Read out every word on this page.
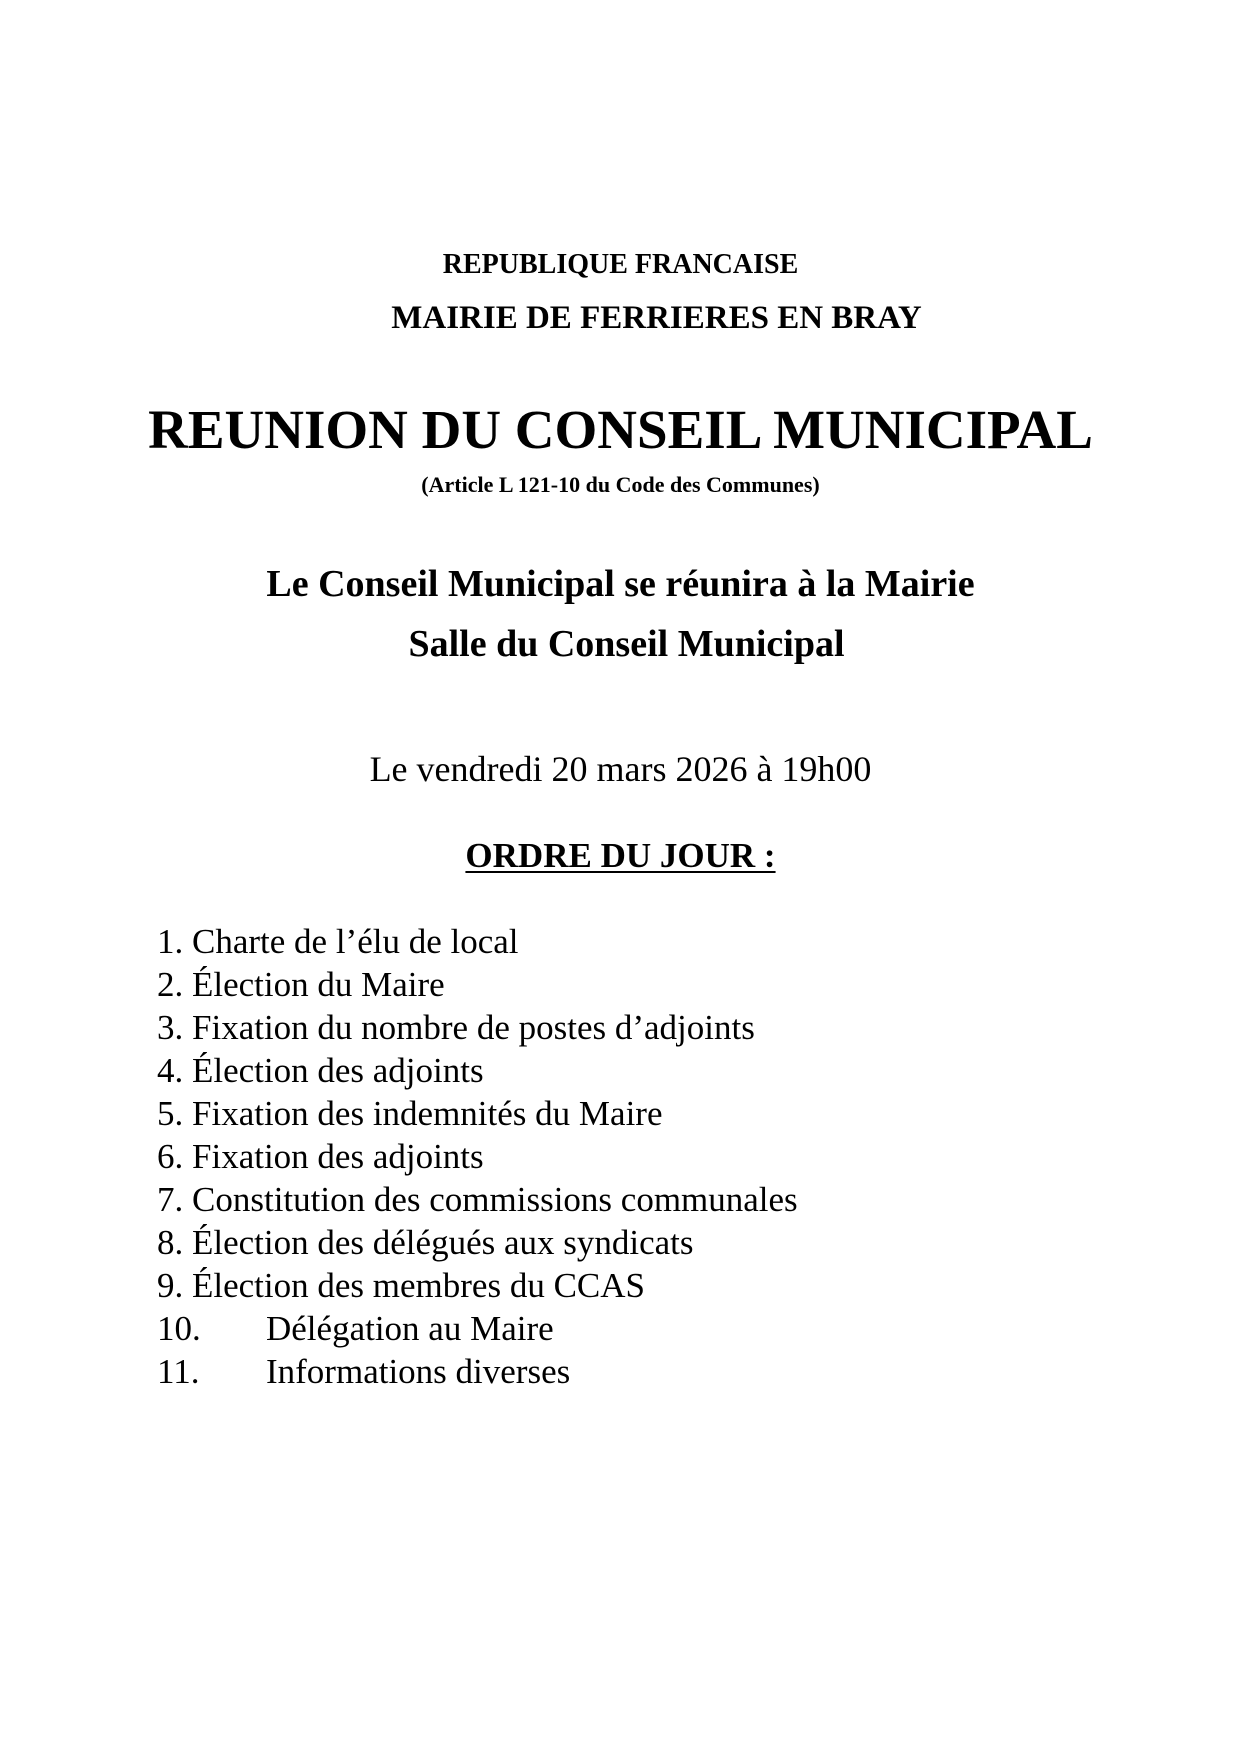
REPUBLIQUE FRANCAISE
MAIRIE DE FERRIERES EN BRAY
REUNION DU CONSEIL MUNICIPAL
(Article L 121-10 du Code des Communes)
Le Conseil Municipal se réunira à la Mairie
Salle du Conseil Municipal
Le vendredi 20 mars 2026 à 19h00
ORDRE DU JOUR :
1. Charte de l’élu de local
2. Élection du Maire
3. Fixation du nombre de postes d’adjoints
4. Élection des adjoints
5. Fixation des indemnités du Maire
6. Fixation des adjoints
7. Constitution des commissions communales
8. Élection des délégués aux syndicats
9. Élection des membres du CCAS
10. Délégation au Maire
11. Informations diverses
